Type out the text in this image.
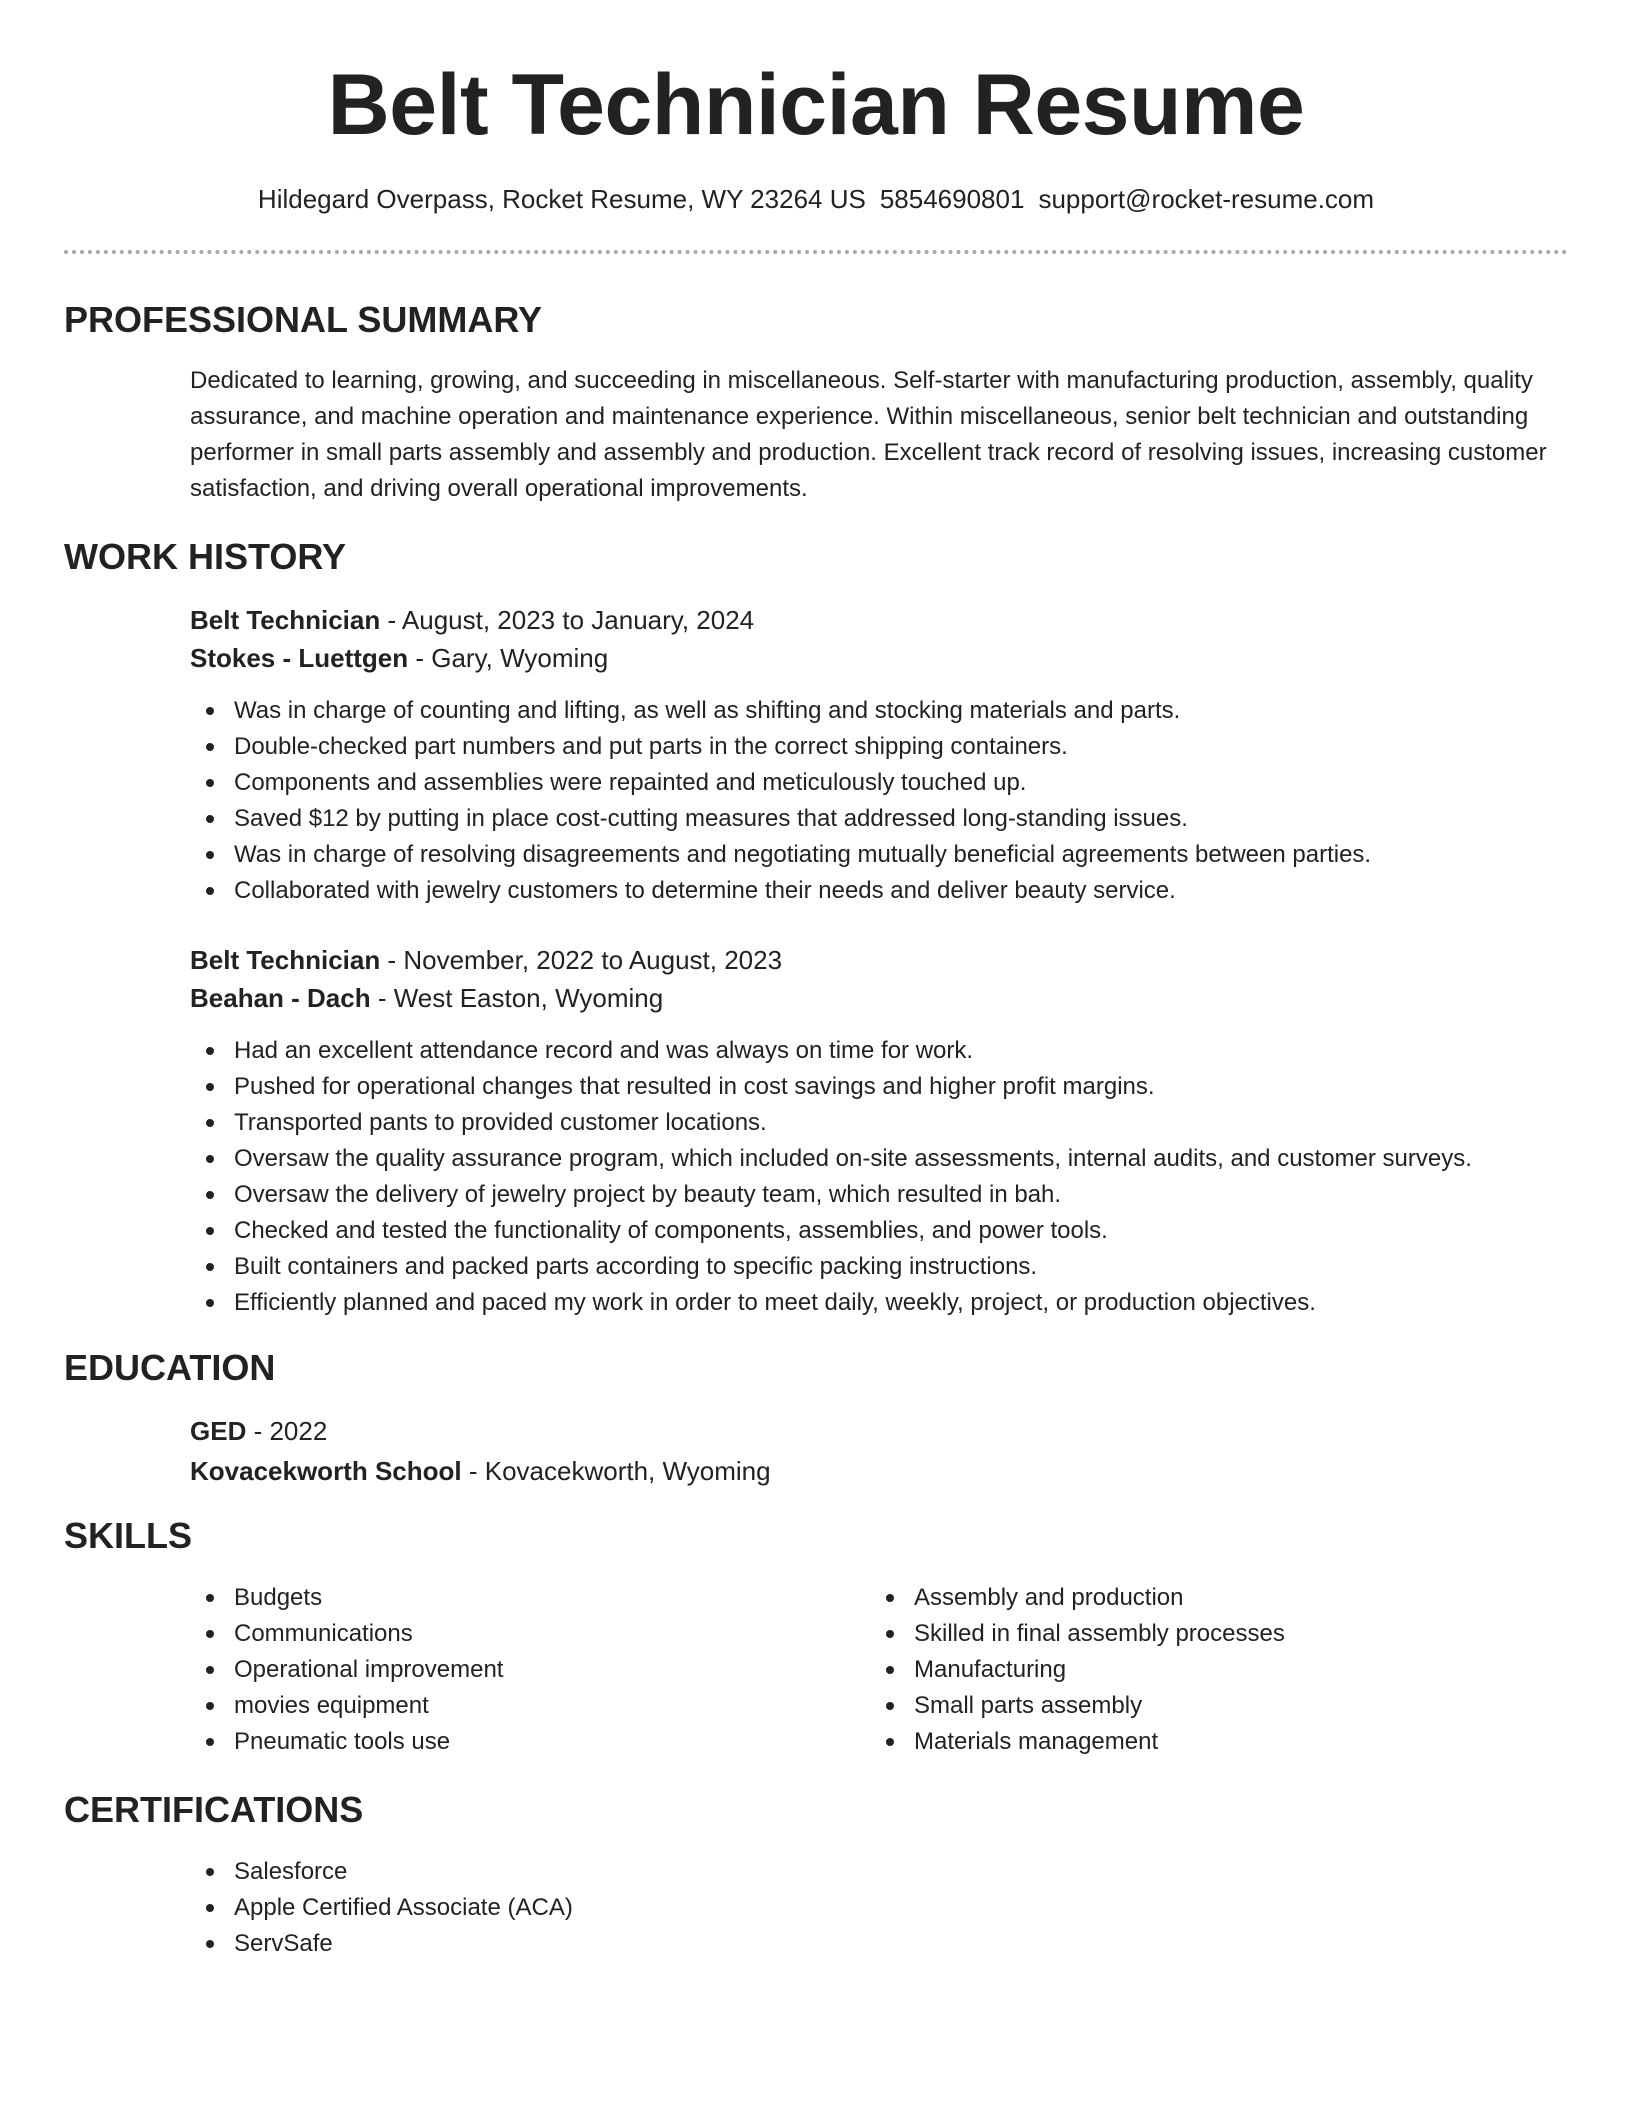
Belt Technician Resume
Hildegard Overpass, Rocket Resume, WY 23264 US 5854690801 support@rocket-resume.com
PROFESSIONAL SUMMARY

Dedicated to learning, growing, and succeeding in miscellaneous. Self-starter with manufacturing production, assembly, quality assurance, and machine operation and maintenance experience. Within miscellaneous, senior belt technician and outstanding performer in small parts assembly and assembly and production. Excellent track record of resolving issues, increasing customer satisfaction, and driving overall operational improvements.

WORK HISTORY
Belt Technician - August, 2023 to January, 2024
Stokes - Luettgen - Gary, Wyoming
Was in charge of counting and lifting, as well as shifting and stocking materials and parts.
Double-checked part numbers and put parts in the correct shipping containers.
Components and assemblies were repainted and meticulously touched up.
Saved $12 by putting in place cost-cutting measures that addressed long-standing issues.
Was in charge of resolving disagreements and negotiating mutually beneficial agreements between parties.
Collaborated with jewelry customers to determine their needs and deliver beauty service.
Belt Technician - November, 2022 to August, 2023
Beahan - Dach - West Easton, Wyoming
Had an excellent attendance record and was always on time for work.
Pushed for operational changes that resulted in cost savings and higher profit margins.
Transported pants to provided customer locations.
Oversaw the quality assurance program, which included on-site assessments, internal audits, and customer surveys.
Oversaw the delivery of jewelry project by beauty team, which resulted in bah.
Checked and tested the functionality of components, assemblies, and power tools.
Built containers and packed parts according to specific packing instructions.
Efficiently planned and paced my work in order to meet daily, weekly, project, or production objectives.
EDUCATION
GED - 2022
Kovacekworth School - Kovacekworth, Wyoming
SKILLS
Budgets
Communications
Operational improvement
movies equipment
Pneumatic tools use
Assembly and production
Skilled in final assembly processes
Manufacturing
Small parts assembly
Materials management
CERTIFICATIONS
Salesforce
Apple Certified Associate (ACA)
ServSafe
